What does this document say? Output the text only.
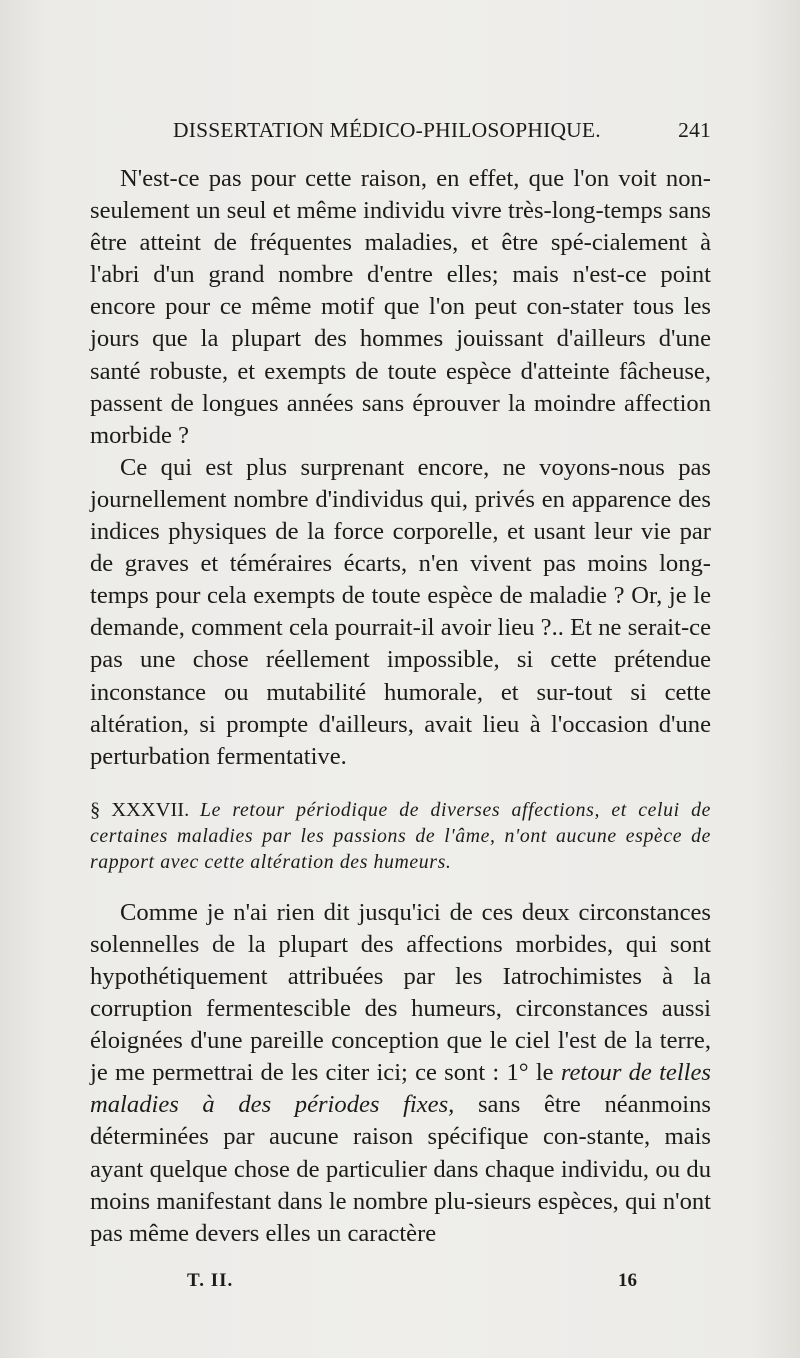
DISSERTATION MÉDICO-PHILOSOPHIQUE.	241

N'est-ce pas pour cette raison, en effet, que l'on voit non-seulement un seul et même individu vivre très-long-temps sans être atteint de fréquentes maladies, et être spé-cialement à l'abri d'un grand nombre d'entre elles; mais n'est-ce point encore pour ce même motif que l'on peut con-stater tous les jours que la plupart des hommes jouissant d'ailleurs d'une santé robuste, et exempts de toute espèce d'atteinte fâcheuse, passent de longues années sans éprouver la moindre affection morbide ?

Ce qui est plus surprenant encore, ne voyons-nous pas journellement nombre d'individus qui, privés en apparence des indices physiques de la force corporelle, et usant leur vie par de graves et téméraires écarts, n'en vivent pas moins long-temps pour cela exempts de toute espèce de maladie ? Or, je le demande, comment cela pourrait-il avoir lieu ?.. Et ne serait-ce pas une chose réellement impossible, si cette prétendue inconstance ou mutabilité humorale, et sur-tout si cette altération, si prompte d'ailleurs, avait lieu à l'occasion d'une perturbation fermentative.

§ XXXVII. Le retour périodique de diverses affections, et celui de certaines maladies par les passions de l'âme, n'ont aucune espèce de rapport avec cette altération des humeurs.

Comme je n'ai rien dit jusqu'ici de ces deux circonstances solennelles de la plupart des affections morbides, qui sont hypothétiquement attribuées par les Iatrochimistes à la corruption fermentescible des humeurs, circonstances aussi éloignées d'une pareille conception que le ciel l'est de la terre, je me permettrai de les citer ici; ce sont : 1° le retour de telles maladies à des périodes fixes, sans être néanmoins déterminées par aucune raison spécifique con-stante, mais ayant quelque chose de particulier dans chaque individu, ou du moins manifestant dans le nombre plu-sieurs espèces, qui n'ont pas même devers elles un caractère

T. II.	16
